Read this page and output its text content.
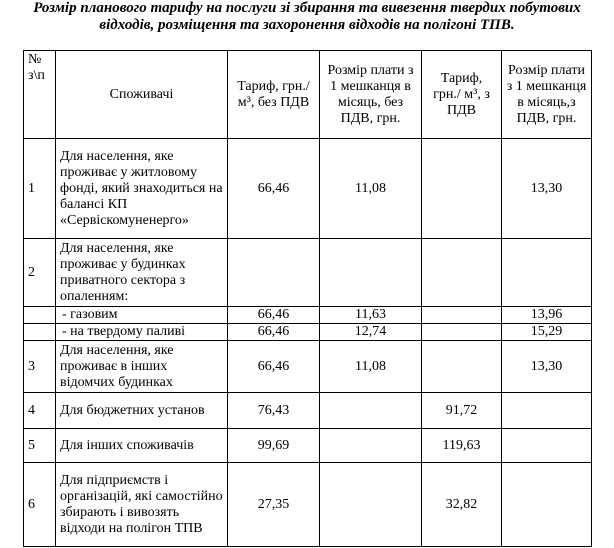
Розмір планового тарифу на послуги зі збирання та вивезення твердих побутових
відходів, розміщення та захоронення відходів на полігоні ТПВ.
№ з\п	Споживачі	Тариф, грн./ м³, без ПДВ	Розмір плати з 1 мешканця в місяць, без ПДВ, грн.	Тариф, грн./ м³, з ПДВ	Розмір плати з 1 мешканця в місяць,з ПДВ, грн.
1	Для населення, яке проживає у житловому фонді, який знаходиться на балансі КП «Сервіскомуненерго»	66,46	11,08		13,30
2	Для населення, яке проживає у будинках приватного сектора з опаленням:				
	- газовим	66,46	11,63		13,96
	- на твердому паливі	66,46	12,74		15,29
3	Для населення, яке проживає в інших відомчих будинках	66,46	11,08		13,30
4	Для бюджетних установ	76,43		91,72	
5	Для інших споживачів	99,69		119,63	
6	Для підприємств і організацій, які самостійно збирають і вивозять відходи на полігон ТПВ	27,35		32,82	
